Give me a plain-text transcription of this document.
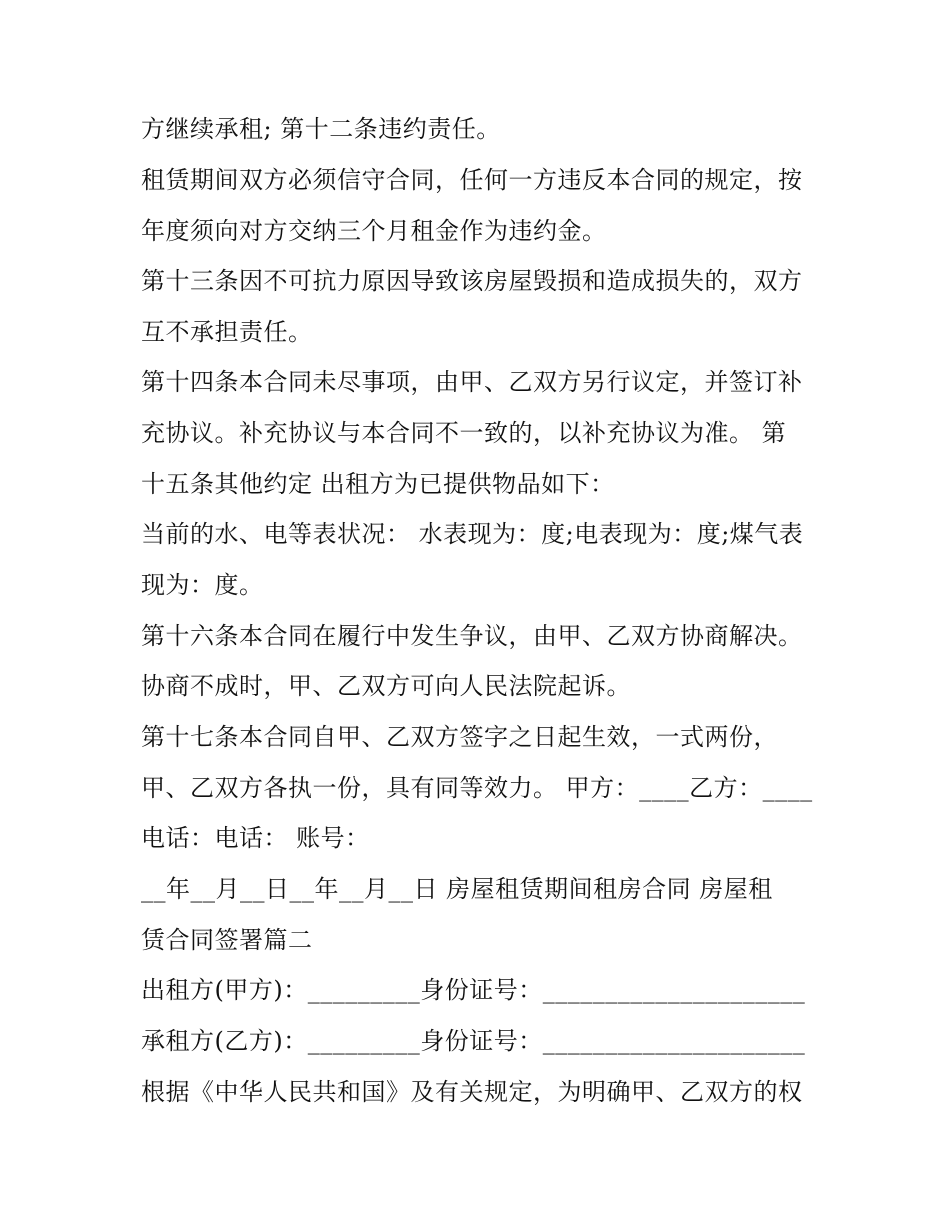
方继续承租; 第十二条违约责任。
租赁期间双方必须信守合同，任何一方违反本合同的规定，按
年度须向对方交纳三个月租金作为违约金。
第十三条因不可抗力原因导致该房屋毁损和造成损失的，双方
互不承担责任。
第十四条本合同未尽事项，由甲、乙双方另行议定，并签订补
充协议。补充协议与本合同不一致的，以补充协议为准。 第
十五条其他约定 出租方为已提供物品如下：
当前的水、电等表状况： 水表现为：度;电表现为：度;煤气表
现为：度。
第十六条本合同在履行中发生争议，由甲、乙双方协商解决。
协商不成时，甲、乙双方可向人民法院起诉。
第十七条本合同自甲、乙双方签字之日起生效，一式两份，
甲、乙双方各执一份，具有同等效力。 甲方：____乙方：____
电话：电话： 账号：
__年__月__日__年__月__日 房屋租赁期间租房合同 房屋租
赁合同签署篇二
出租方(甲方)：_________身份证号：_____________________
承租方(乙方)：_________身份证号：_____________________
根据《中华人民共和国》及有关规定，为明确甲、乙双方的权
